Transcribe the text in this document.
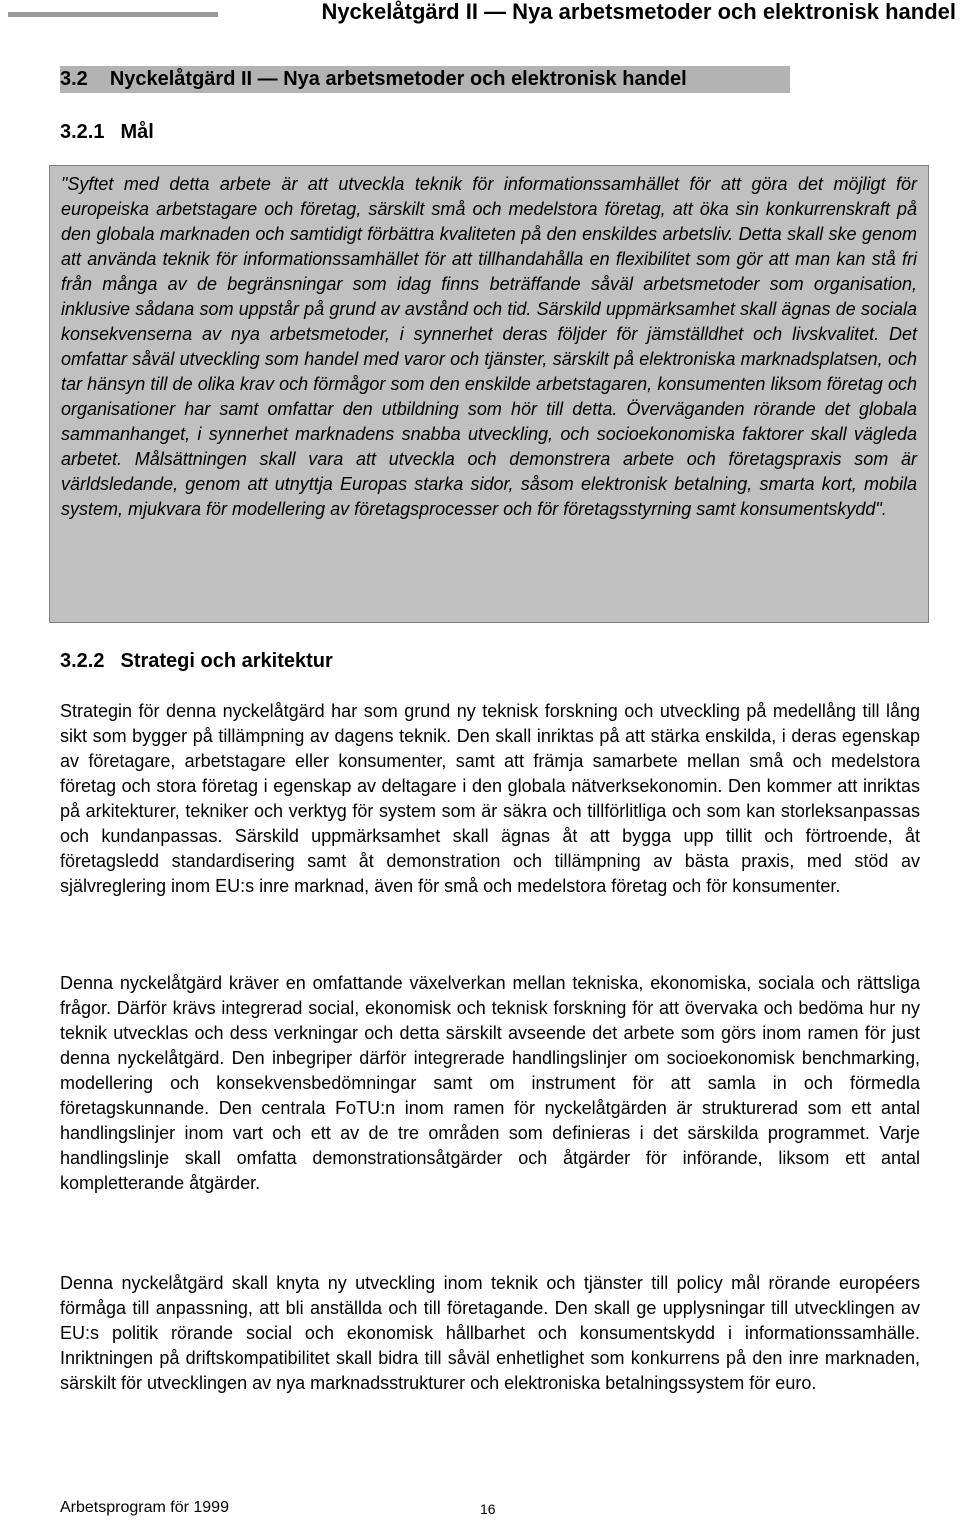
Nyckelåtgärd II — Nya arbetsmetoder och elektronisk handel
3.2 Nyckelåtgärd II — Nya arbetsmetoder och elektronisk handel
3.2.1 Mål

"Syftet med detta arbete är att utveckla teknik för informationssamhället för att göra det möjligt för europeiska arbetstagare och företag, särskilt små och medelstora företag, att öka sin konkurrenskraft på den globala marknaden och samtidigt förbättra kvaliteten på den enskildes arbetsliv. Detta skall ske genom att använda teknik för informationssamhället för att tillhandahålla en flexibilitet som gör att man kan stå fri från många av de begränsningar som idag finns beträffande såväl arbetsmetoder som organisation, inklusive sådana som uppstår på grund av avstånd och tid. Särskild uppmärksamhet skall ägnas de sociala konsekvenserna av nya arbetsmetoder, i synnerhet deras följder för jämställdhet och livskvalitet. Det omfattar såväl utveckling som handel med varor och tjänster, särskilt på elektroniska marknadsplatsen, och tar hänsyn till de olika krav och förmågor som den enskilde arbetstagaren, konsumenten liksom företag och organisationer har samt omfattar den utbildning som hör till detta. Överväganden rörande det globala sammanhanget, i synnerhet marknadens snabba utveckling, och socioekonomiska faktorer skall vägleda arbetet. Målsättningen skall vara att utveckla och demonstrera arbete och företagspraxis som är världsledande, genom att utnyttja Europas starka sidor, såsom elektronisk betalning, smarta kort, mobila system, mjukvara för modellering av företagsprocesser och för företagsstyrning samt konsumentskydd".

3.2.2 Strategi och arkitektur

Strategin för denna nyckelåtgärd har som grund ny teknisk forskning och utveckling på medellång till lång sikt som bygger på tillämpning av dagens teknik. Den skall inriktas på att stärka enskilda, i deras egenskap av företagare, arbetstagare eller konsumenter, samt att främja samarbete mellan små och medelstora företag och stora företag i egenskap av deltagare i den globala nätverksekonomin. Den kommer att inriktas på arkitekturer, tekniker och verktyg för system som är säkra och tillförlitliga och som kan storleksanpassas och kundanpassas. Särskild uppmärksamhet skall ägnas åt att bygga upp tillit och förtroende, åt företagsledd standardisering samt åt demonstration och tillämpning av bästa praxis, med stöd av självreglering inom EU:s inre marknad, även för små och medelstora företag och för konsumenter.

Denna nyckelåtgärd kräver en omfattande växelverkan mellan tekniska, ekonomiska, sociala och rättsliga frågor. Därför krävs integrerad social, ekonomisk och teknisk forskning för att övervaka och bedöma hur ny teknik utvecklas och dess verkningar och detta särskilt avseende det arbete som görs inom ramen för just denna nyckelåtgärd. Den inbegriper därför integrerade handlingslinjer om socioekonomisk benchmarking, modellering och konsekvensbedömningar samt om instrument för att samla in och förmedla företagskunnande. Den centrala FoTU:n inom ramen för nyckelåtgärden är strukturerad som ett antal handlingslinjer inom vart och ett av de tre områden som definieras i det särskilda programmet. Varje handlingslinje skall omfatta demonstrationsåtgärder och åtgärder för införande, liksom ett antal kompletterande åtgärder.

Denna nyckelåtgärd skall knyta ny utveckling inom teknik och tjänster till policy mål rörande européers förmåga till anpassning, att bli anställda och till företagande. Den skall ge upplysningar till utvecklingen av EU:s politik rörande social och ekonomisk hållbarhet och konsumentskydd i informationssamhälle. Inriktningen på driftskompatibilitet skall bidra till såväl enhetlighet som konkurrens på den inre marknaden, särskilt för utvecklingen av nya marknadsstrukturer och elektroniska betalningssystem för euro.

Arbetsprogram för 1999	16
